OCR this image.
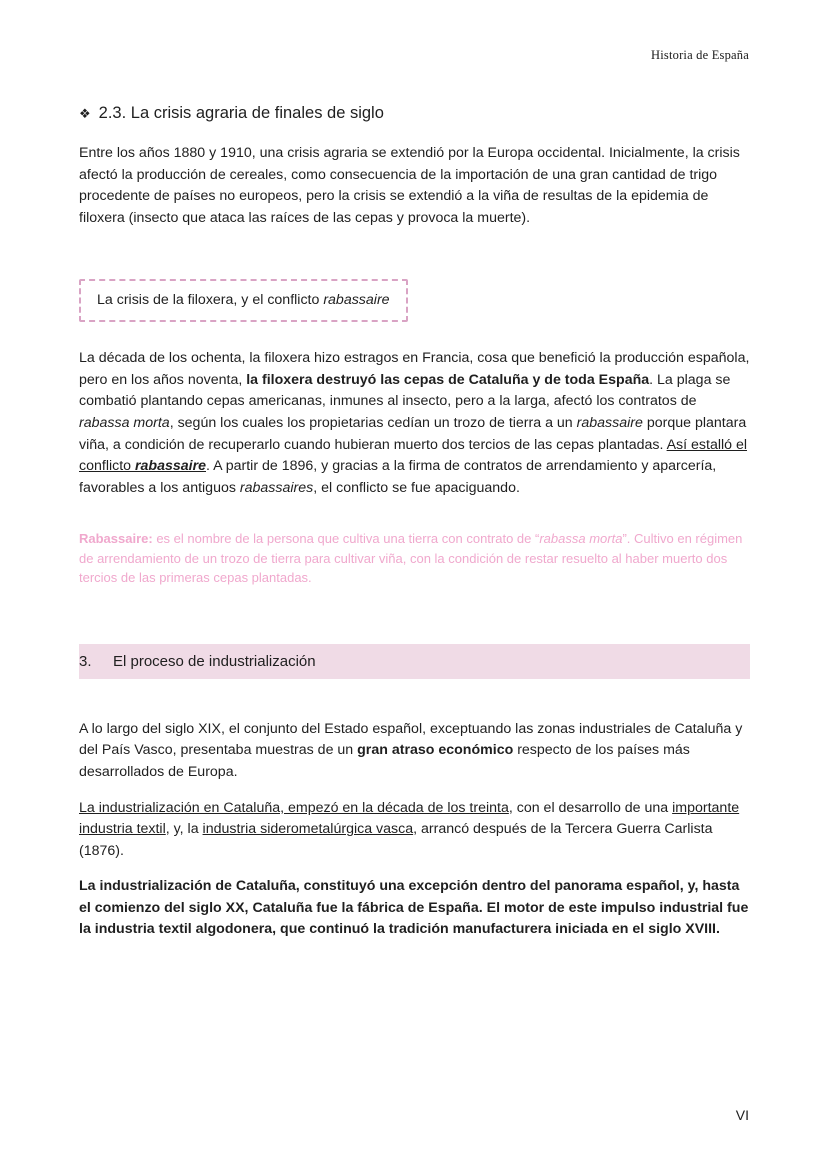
Historia de España
❖ 2.3. La crisis agraria de finales de siglo

Entre los años 1880 y 1910, una crisis agraria se extendió por la Europa occidental. Inicialmente, la crisis afectó la producción de cereales, como consecuencia de la importación de una gran cantidad de trigo procedente de países no europeos, pero la crisis se extendió a la viña de resultas de la epidemia de filoxera (insecto que ataca las raíces de las cepas y provoca la muerte).

La crisis de la filoxera, y el conflicto rabassaire

La década de los ochenta, la filoxera hizo estragos en Francia, cosa que benefició la producción española, pero en los años noventa, la filoxera destruyó las cepas de Cataluña y de toda España. La plaga se combatió plantando cepas americanas, inmunes al insecto, pero a la larga, afectó los contratos de rabassa morta, según los cuales los propietarias cedían un trozo de tierra a un rabassaire porque plantara viña, a condición de recuperarlo cuando hubieran muerto dos tercios de las cepas plantadas. Así estalló el conflicto rabassaire. A partir de 1896, y gracias a la firma de contratos de arrendamiento y aparcería, favorables a los antiguos rabassaires, el conflicto se fue apaciguando.

Rabassaire: es el nombre de la persona que cultiva una tierra con contrato de “rabassa morta”. Cultivo en régimen de arrendamiento de un trozo de tierra para cultivar viña, con la condición de restar resuelto al haber muerto dos tercios de las primeras cepas plantadas.

3.	El proceso de industrialización

A lo largo del siglo XIX, el conjunto del Estado español, exceptuando las zonas industriales de Cataluña y del País Vasco, presentaba muestras de un gran atraso económico respecto de los países más desarrollados de Europa.

La industrialización en Cataluña, empezó en la década de los treinta, con el desarrollo de una importante industria textil, y, la industria siderometalúrgica vasca, arrancó después de la Tercera Guerra Carlista (1876).

La industrialización de Cataluña, constituyó una excepción dentro del panorama español, y, hasta el comienzo del siglo XX, Cataluña fue la fábrica de España. El motor de este impulso industrial fue la industria textil algodonera, que continuó la tradición manufacturera iniciada en el siglo XVIII.

VI
